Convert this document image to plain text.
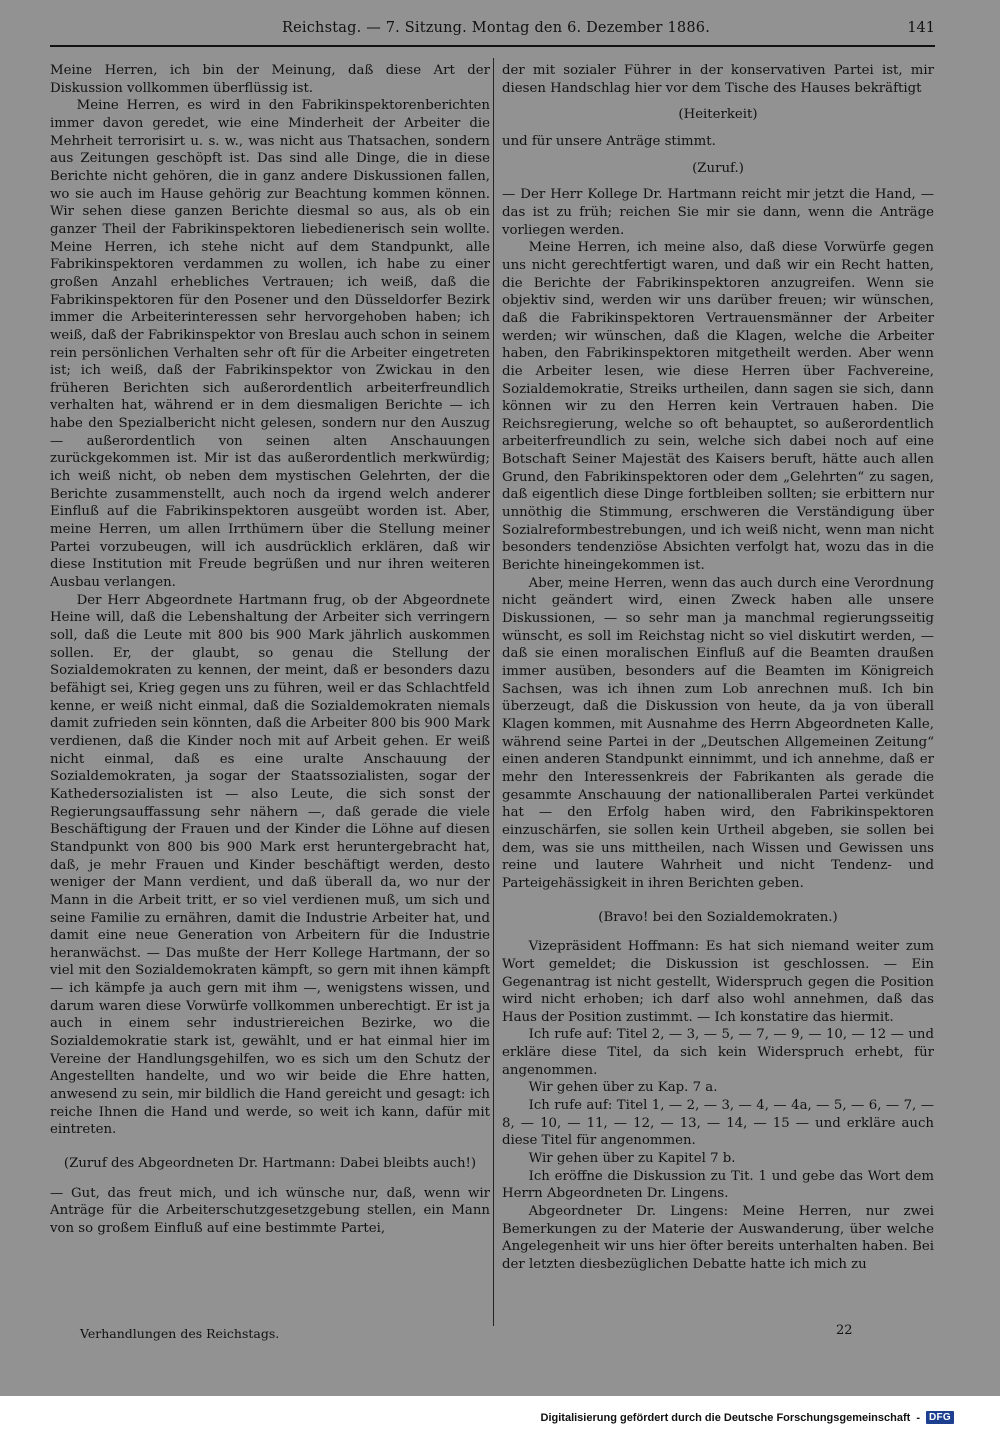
Reichstag. — 7. Sitzung. Montag den 6. Dezember 1886.	141

Meine Herren, ich bin der Meinung, daß diese Art der Diskussion vollkommen überflüssig ist.

Meine Herren, es wird in den Fabrikinspektorenberichten immer davon geredet, wie eine Minderheit der Arbeiter die Mehrheit terrorisirt u. s. w., was nicht aus Thatsachen, sondern aus Zeitungen geschöpft ist. Das sind alle Dinge, die in diese Berichte nicht gehören, die in ganz andere Diskussionen fallen, wo sie auch im Hause gehörig zur Beachtung kommen können. Wir sehen diese ganzen Berichte diesmal so aus, als ob ein ganzer Theil der Fabrikinspektoren liebedienerisch sein wollte. Meine Herren, ich stehe nicht auf dem Standpunkt, alle Fabrikinspektoren verdammen zu wollen, ich habe zu einer großen Anzahl erhebliches Vertrauen; ich weiß, daß die Fabrikinspektoren für den Posener und den Düsseldorfer Bezirk immer die Arbeiterinteressen sehr hervorgehoben haben; ich weiß, daß der Fabrikinspektor von Breslau auch schon in seinem rein persönlichen Verhalten sehr oft für die Arbeiter eingetreten ist; ich weiß, daß der Fabrikinspektor von Zwickau in den früheren Berichten sich außerordentlich arbeiterfreundlich verhalten hat, während er in dem diesmaligen Berichte — ich habe den Spezialbericht nicht gelesen, sondern nur den Auszug — außerordentlich von seinen alten Anschauungen zurückgekommen ist. Mir ist das außerordentlich merkwürdig; ich weiß nicht, ob neben dem mystischen Gelehrten, der die Berichte zusammenstellt, auch noch da irgend welch anderer Einfluß auf die Fabrikinspektoren ausgeübt worden ist. Aber, meine Herren, um allen Irrthümern über die Stellung meiner Partei vorzubeugen, will ich ausdrücklich erklären, daß wir diese Institution mit Freude begrüßen und nur ihren weiteren Ausbau verlangen.

Der Herr Abgeordnete Hartmann frug, ob der Abgeordnete Heine will, daß die Lebenshaltung der Arbeiter sich verringern soll, daß die Leute mit 800 bis 900 Mark jährlich auskommen sollen. Er, der glaubt, so genau die Stellung der Sozialdemokraten zu kennen, der meint, daß er besonders dazu befähigt sei, Krieg gegen uns zu führen, weil er das Schlachtfeld kenne, er weiß nicht einmal, daß die Sozialdemokraten niemals damit zufrieden sein könnten, daß die Arbeiter 800 bis 900 Mark verdienen, daß die Kinder noch mit auf Arbeit gehen. Er weiß nicht einmal, daß es eine uralte Anschauung der Sozialdemokraten, ja sogar der Staatssozialisten, sogar der Kathedersozialisten ist — also Leute, die sich sonst der Regierungsauffassung sehr nähern —, daß gerade die viele Beschäftigung der Frauen und der Kinder die Löhne auf diesen Standpunkt von 800 bis 900 Mark erst heruntergebracht hat, daß, je mehr Frauen und Kinder beschäftigt werden, desto weniger der Mann verdient, und daß überall da, wo nur der Mann in die Arbeit tritt, er so viel verdienen muß, um sich und seine Familie zu ernähren, damit die Industrie Arbeiter hat, und damit eine neue Generation von Arbeitern für die Industrie heranwächst. — Das mußte der Herr Kollege Hartmann, der so viel mit den Sozialdemokraten kämpft, so gern mit ihnen kämpft — ich kämpfe ja auch gern mit ihm —, wenigstens wissen, und darum waren diese Vorwürfe vollkommen unberechtigt. Er ist ja auch in einem sehr industriereichen Bezirke, wo die Sozialdemokratie stark ist, gewählt, und er hat einmal hier im Vereine der Handlungsgehilfen, wo es sich um den Schutz der Angestellten handelte, und wo wir beide die Ehre hatten, anwesend zu sein, mir bildlich die Hand gereicht und gesagt: ich reiche Ihnen die Hand und werde, so weit ich kann, dafür mit eintreten.

(Zuruf des Abgeordneten Dr. Hartmann: Dabei bleibts auch!)

— Gut, das freut mich, und ich wünsche nur, daß, wenn wir Anträge für die Arbeiterschutzgesetzgebung stellen, ein Mann von so großem Einfluß auf eine bestimmte Partei,

der mit sozialer Führer in der konservativen Partei ist, mir diesen Handschlag hier vor dem Tische des Hauses bekräftigt

(Heiterkeit)

und für unsere Anträge stimmt.

(Zuruf.)

— Der Herr Kollege Dr. Hartmann reicht mir jetzt die Hand, — das ist zu früh; reichen Sie mir sie dann, wenn die Anträge vorliegen werden.

Meine Herren, ich meine also, daß diese Vorwürfe gegen uns nicht gerechtfertigt waren, und daß wir ein Recht hatten, die Berichte der Fabrikinspektoren anzugreifen. Wenn sie objektiv sind, werden wir uns darüber freuen; wir wünschen, daß die Fabrikinspektoren Vertrauensmänner der Arbeiter werden; wir wünschen, daß die Klagen, welche die Arbeiter haben, den Fabrikinspektoren mitgetheilt werden. Aber wenn die Arbeiter lesen, wie diese Herren über Fachvereine, Sozialdemokratie, Streiks urtheilen, dann sagen sie sich, dann können wir zu den Herren kein Vertrauen haben. Die Reichsregierung, welche so oft behauptet, so außerordentlich arbeiterfreundlich zu sein, welche sich dabei noch auf eine Botschaft Seiner Majestät des Kaisers beruft, hätte auch allen Grund, den Fabrikinspektoren oder dem „Gelehrten“ zu sagen, daß eigentlich diese Dinge fortbleiben sollten; sie erbittern nur unnöthig die Stimmung, erschweren die Verständigung über Sozialreformbestrebungen, und ich weiß nicht, wenn man nicht besonders tendenziöse Absichten verfolgt hat, wozu das in die Berichte hineingekommen ist.

Aber, meine Herren, wenn das auch durch eine Verordnung nicht geändert wird, einen Zweck haben alle unsere Diskussionen, — so sehr man ja manchmal regierungsseitig wünscht, es soll im Reichstag nicht so viel diskutirt werden, — daß sie einen moralischen Einfluß auf die Beamten draußen immer ausüben, besonders auf die Beamten im Königreich Sachsen, was ich ihnen zum Lob anrechnen muß. Ich bin überzeugt, daß die Diskussion von heute, da ja von überall Klagen kommen, mit Ausnahme des Herrn Abgeordneten Kalle, während seine Partei in der „Deutschen Allgemeinen Zeitung“ einen anderen Standpunkt einnimmt, und ich annehme, daß er mehr den Interessenkreis der Fabrikanten als gerade die gesammte Anschauung der nationalliberalen Partei verkündet hat — den Erfolg haben wird, den Fabrikinspektoren einzuschärfen, sie sollen kein Urtheil abgeben, sie sollen bei dem, was sie uns mittheilen, nach Wissen und Gewissen uns reine und lautere Wahrheit und nicht Tendenz- und Parteigehässigkeit in ihren Berichten geben.

(Bravo! bei den Sozialdemokraten.)

Vizepräsident Hoffmann: Es hat sich niemand weiter zum Wort gemeldet; die Diskussion ist geschlossen. — Ein Gegenantrag ist nicht gestellt, Widerspruch gegen die Position wird nicht erhoben; ich darf also wohl annehmen, daß das Haus der Position zustimmt. — Ich konstatire das hiermit.

Ich rufe auf: Titel 2, — 3, — 5, — 7, — 9, — 10, — 12 — und erkläre diese Titel, da sich kein Widerspruch erhebt, für angenommen.

Wir gehen über zu Kap. 7 a.

Ich rufe auf: Titel 1, — 2, — 3, — 4, — 4a, — 5, — 6, — 7, — 8, — 10, — 11, — 12, — 13, — 14, — 15 — und erkläre auch diese Titel für angenommen.

Wir gehen über zu Kapitel 7 b.

Ich eröffne die Diskussion zu Tit. 1 und gebe das Wort dem Herrn Abgeordneten Dr. Lingens.

Abgeordneter Dr. Lingens: Meine Herren, nur zwei Bemerkungen zu der Materie der Auswanderung, über welche Angelegenheit wir uns hier öfter bereits unterhalten haben. Bei der letzten diesbezüglichen Debatte hatte ich mich zu

Verhandlungen des Reichstags.	22
Digitalisierung gefördert durch die Deutsche Forschungsgemeinschaft - DFG
